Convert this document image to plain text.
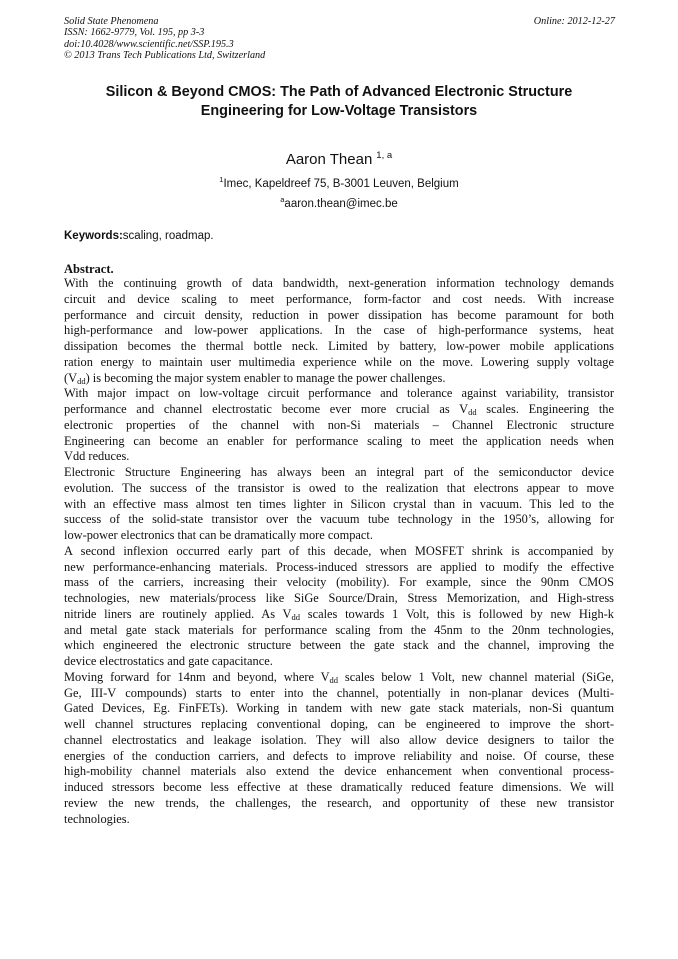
Solid State Phenomena
ISSN: 1662-9779, Vol. 195, pp 3-3
doi:10.4028/www.scientific.net/SSP.195.3
© 2013 Trans Tech Publications Ltd, Switzerland
Online: 2012-12-27
Silicon & Beyond CMOS: The Path of Advanced Electronic Structure
Engineering for Low-Voltage Transistors
Aaron Thean $^{1, a}$
$^1$Imec, Kapeldreef 75, B-3001 Leuven, Belgium
$^a$aaron.thean@imec.be
Keywords:scaling, roadmap.
Abstract.
With the continuing growth of data bandwidth, next-generation information technology demands
circuit and device scaling to meet performance, form-factor and cost needs. With increase
performance and circuit density, reduction in power dissipation has become paramount for both
high-performance and low-power applications. In the case of high-performance systems, heat
dissipation becomes the thermal bottle neck. Limited by battery, low-power mobile applications
ration energy to maintain user multimedia experience while on the move. Lowering supply voltage
$(V_{dd})$ is becoming the major system enabler to manage the power challenges.
With major impact on low-voltage circuit performance and tolerance against variability, transistor
performance and channel electrostatic become ever more crucial as $V_{dd}$ scales. Engineering the
electronic properties of the channel with non-Si materials – Channel Electronic structure
Engineering can become an enabler for performance scaling to meet the application needs when
Vdd reduces.
Electronic Structure Engineering has always been an integral part of the semiconductor device
evolution. The success of the transistor is owed to the realization that electrons appear to move
with an effective mass almost ten times lighter in Silicon crystal than in vacuum. This led to the
success of the solid-state transistor over the vacuum tube technology in the 1950’s, allowing for
low-power electronics that can be dramatically more compact.
A second inflexion occurred early part of this decade, when MOSFET shrink is accompanied by
new performance-enhancing materials. Process-induced stressors are applied to modify the effective
mass of the carriers, increasing their velocity (mobility). For example, since the 90nm CMOS
technologies, new materials/process like SiGe Source/Drain, Stress Memorization, and High-stress
nitride liners are routinely applied. As $V_{dd}$ scales towards 1 Volt, this is followed by new High-k
and metal gate stack materials for performance scaling from the 45nm to the 20nm technologies,
which engineered the electronic structure between the gate stack and the channel, improving the
device electrostatics and gate capacitance.
Moving forward for 14nm and beyond, where $V_{dd}$ scales below 1 Volt, new channel material (SiGe,
Ge, III-V compounds) starts to enter into the channel, potentially in non-planar devices (Multi-
Gated Devices, Eg. FinFETs). Working in tandem with new gate stack materials, non-Si quantum
well channel structures replacing conventional doping, can be engineered to improve the short-
channel electrostatics and leakage isolation. They will also allow device designers to tailor the
energies of the conduction carriers, and defects to improve reliability and noise. Of course, these
high-mobility channel materials also extend the device enhancement when conventional process-
induced stressors become less effective at these dramatically reduced feature dimensions. We will
review the new trends, the challenges, the research, and opportunity of these new transistor
technologies.
